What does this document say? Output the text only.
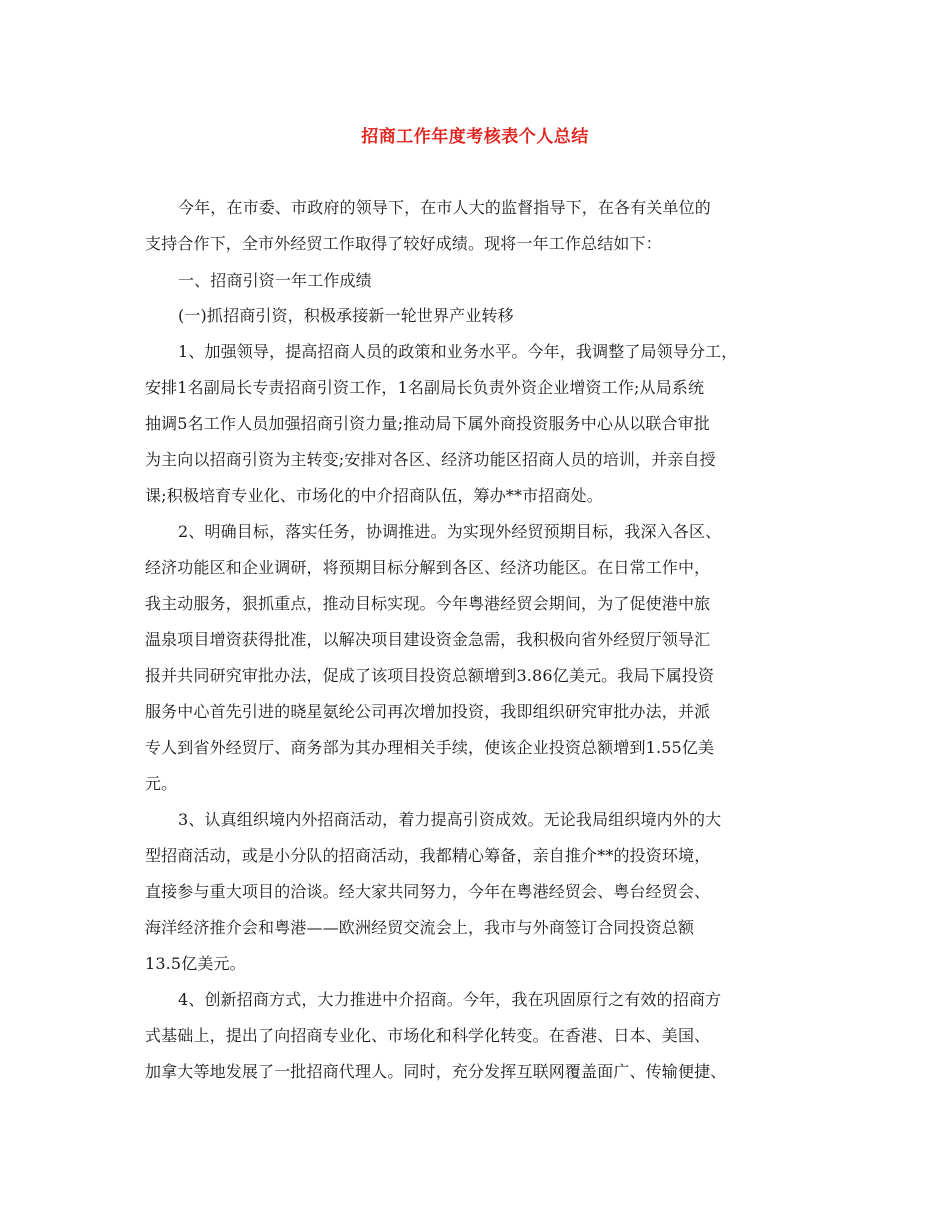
招商工作年度考核表个人总结
今年，在市委、市政府的领导下，在市人大的监督指导下，在各有关单位的
支持合作下，全市外经贸工作取得了较好成绩。现将一年工作总结如下：
一、招商引资一年工作成绩
(一)抓招商引资，积极承接新一轮世界产业转移
1、加强领导，提高招商人员的政策和业务水平。今年，我调整了局领导分工，
安排1名副局长专责招商引资工作，1名副局长负责外资企业增资工作;从局系统
抽调5名工作人员加强招商引资力量;推动局下属外商投资服务中心从以联合审批
为主向以招商引资为主转变;安排对各区、经济功能区招商人员的培训，并亲自授
课;积极培育专业化、市场化的中介招商队伍，筹办**市招商处。
2、明确目标，落实任务，协调推进。为实现外经贸预期目标，我深入各区、
经济功能区和企业调研，将预期目标分解到各区、经济功能区。在日常工作中，
我主动服务，狠抓重点，推动目标实现。今年粤港经贸会期间，为了促使港中旅
温泉项目增资获得批准，以解决项目建设资金急需，我积极向省外经贸厅领导汇
报并共同研究审批办法，促成了该项目投资总额增到3.86亿美元。我局下属投资
服务中心首先引进的晓星氨纶公司再次增加投资，我即组织研究审批办法，并派
专人到省外经贸厅、商务部为其办理相关手续，使该企业投资总额增到1.55亿美
元。
3、认真组织境内外招商活动，着力提高引资成效。无论我局组织境内外的大
型招商活动，或是小分队的招商活动，我都精心筹备，亲自推介**的投资环境，
直接参与重大项目的洽谈。经大家共同努力，今年在粤港经贸会、粤台经贸会、
海洋经济推介会和粤港——欧洲经贸交流会上，我市与外商签订合同投资总额
13.5亿美元。
4、创新招商方式，大力推进中介招商。今年，我在巩固原行之有效的招商方
式基础上，提出了向招商专业化、市场化和科学化转变。在香港、日本、美国、
加拿大等地发展了一批招商代理人。同时，充分发挥互联网覆盖面广、传输便捷、
